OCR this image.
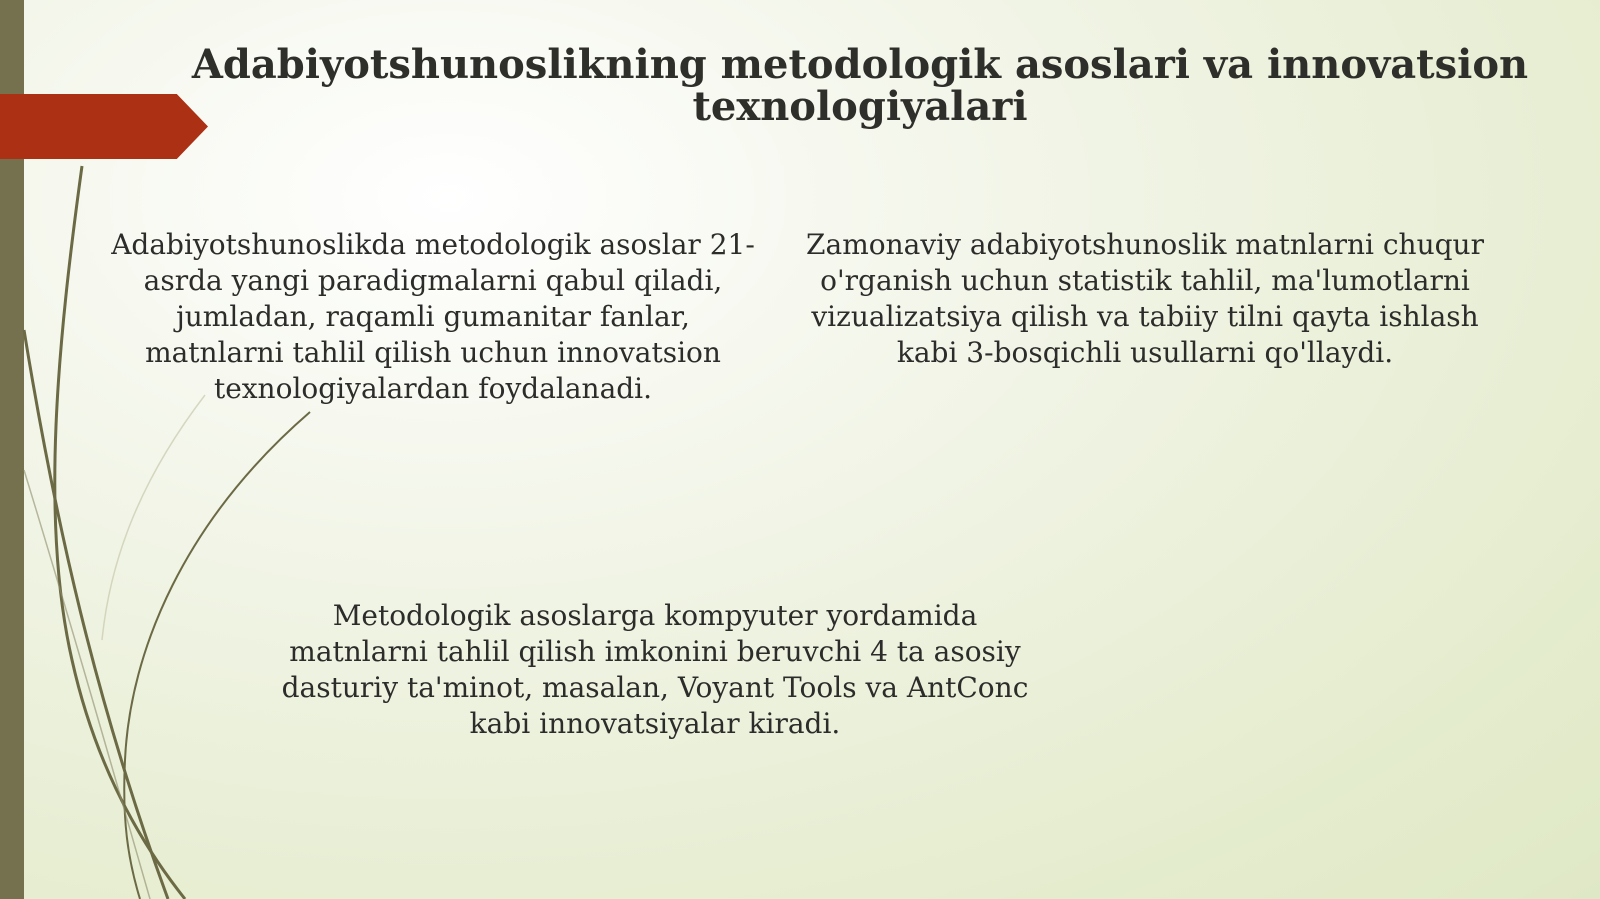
Adabiyotshunoslikning metodologik asoslari va innovatsion texnologiyalari

Adabiyotshunoslikda metodologik asoslar 21-asrda yangi paradigmalarni qabul qiladi, jumladan, raqamli gumanitar fanlar, matnlarni tahlil qilish uchun innovatsion texnologiyalardan foydalanadi.

Zamonaviy adabiyotshunoslik matnlarni chuqur o'rganish uchun statistik tahlil, ma'lumotlarni vizualizatsiya qilish va tabiiy tilni qayta ishlash kabi 3-bosqichli usullarni qo'llaydi.

Metodologik asoslarga kompyuter yordamida matnlarni tahlil qilish imkonini beruvchi 4 ta asosiy dasturiy ta'minot, masalan, Voyant Tools va AntConc kabi innovatsiyalar kiradi.
